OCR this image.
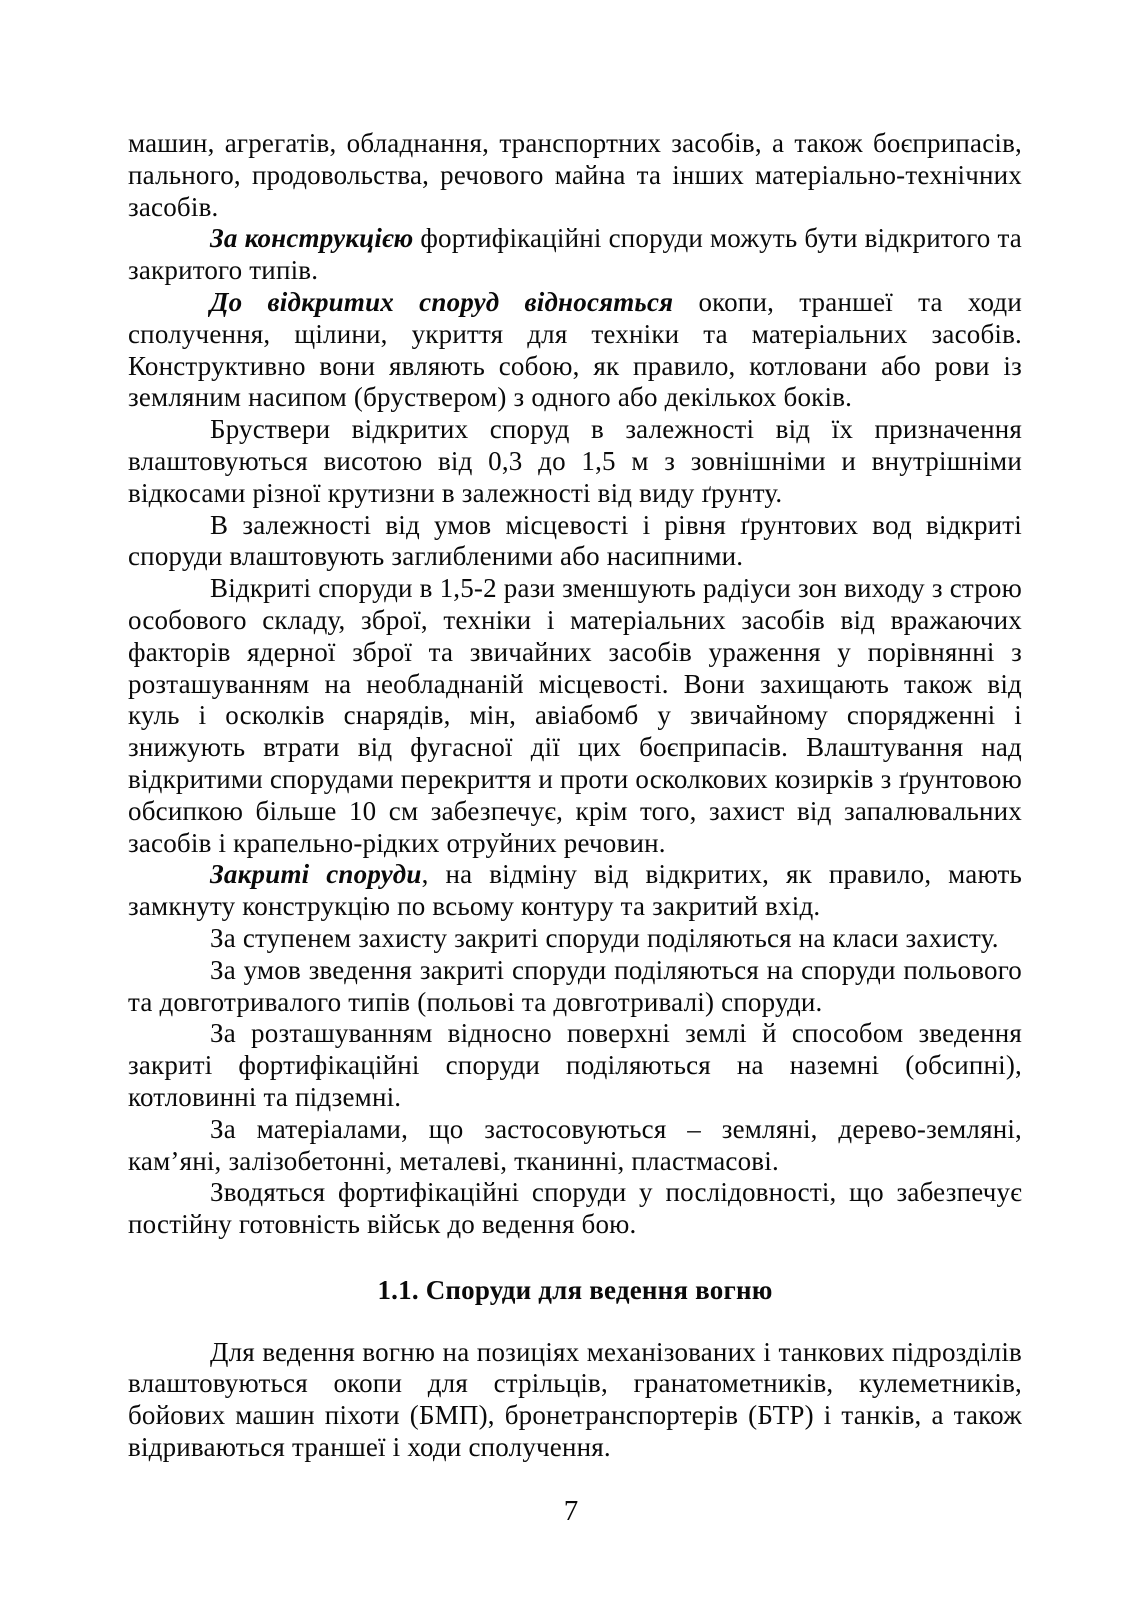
машин, агрегатів, обладнання, транспортних засобів, а також боєприпасів, пального, продовольства, речового майна та інших матеріально-технічних засобів.

За конструкцією фортифікаційні споруди можуть бути відкритого та закритого типів.

До відкритих споруд відносяться окопи, траншеї та ходи сполучення, щілини, укриття для техніки та матеріальних засобів. Конструктивно вони являють собою, як правило, котловани або рови із земляним насипом (бруствером) з одного або декількох боків.

Бруствери відкритих споруд в залежності від їх призначення влаштовуються висотою від 0,3 до 1,5 м з зовнішніми и внутрішніми відкосами різної крутизни в залежності від виду ґрунту.

В залежності від умов місцевості і рівня ґрунтових вод відкриті споруди влаштовують заглибленими або насипними.

Відкриті споруди в 1,5-2 рази зменшують радіуси зон виходу з строю особового складу, зброї, техніки і матеріальних засобів від вражаючих факторів ядерної зброї та звичайних засобів ураження у порівнянні з розташуванням на необладнаній місцевості. Вони захищають також від куль і осколків снарядів, мін, авіабомб у звичайному спорядженні і знижують втрати від фугасної дії цих боєприпасів. Влаштування над відкритими спорудами перекриття и проти осколкових козирків з ґрунтовою обсипкою більше 10 см забезпечує, крім того, захист від запалювальних засобів і крапельно-рідких отруйних речовин.

Закриті споруди, на відміну від відкритих, як правило, мають замкнуту конструкцію по всьому контуру та закритий вхід.

За ступенем захисту закриті споруди поділяються на класи захисту.

За умов зведення закриті споруди поділяються на споруди польового та довготривалого типів (польові та довготривалі) споруди.

За розташуванням відносно поверхні землі й способом зведення закриті фортифікаційні споруди поділяються на наземні (обсипні), котловинні та підземні.

За матеріалами, що застосовуються – земляні, дерево-земляні, кам’яні, залізобетонні, металеві, тканинні, пластмасові.

Зводяться фортифікаційні споруди у послідовності, що забезпечує постійну готовність військ до ведення бою.

1.1. Споруди для ведення вогню

Для ведення вогню на позиціях механізованих і танкових підрозділів влаштовуються окопи для стрільців, гранатометників, кулеметників, бойових машин піхоти (БМП), бронетранспортерів (БТР) і танків, а також відриваються траншеї і ходи сполучення.

7
